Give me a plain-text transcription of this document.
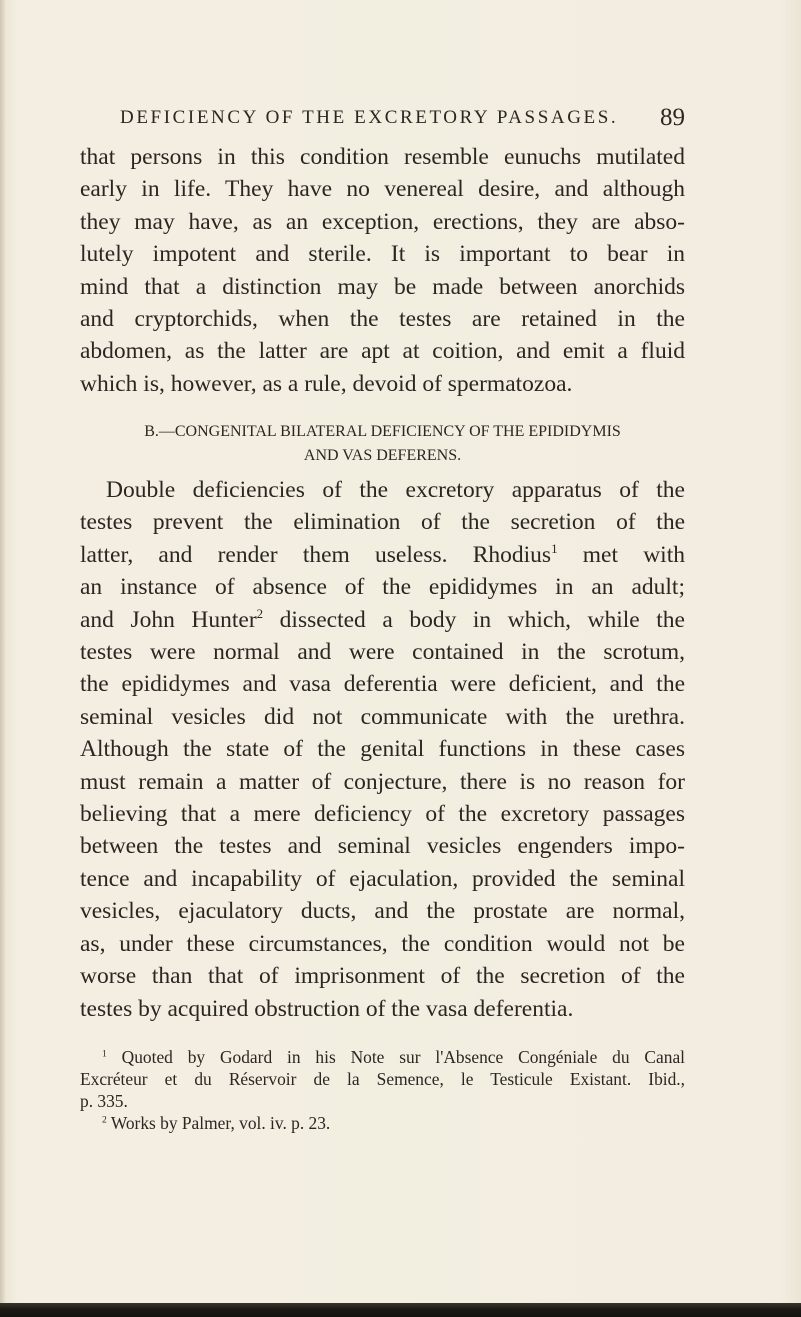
DEFICIENCY OF THE EXCRETORY PASSAGES. 89
that persons in this condition resemble eunuchs mutilated
early in life. They have no venereal desire, and although
they may have, as an exception, erections, they are abso-
lutely impotent and sterile. It is important to bear in
mind that a distinction may be made between anorchids
and cryptorchids, when the testes are retained in the
abdomen, as the latter are apt at coition, and emit a fluid
which is, however, as a rule, devoid of spermatozoa.
B.—CONGENITAL BILATERAL DEFICIENCY OF THE EPIDIDYMIS
AND VAS DEFERENS.
Double deficiencies of the excretory apparatus of the
testes prevent the elimination of the secretion of the
latter, and render them useless. Rhodius$^1$ met with
an instance of absence of the epididymes in an adult;
and John Hunter$^2$ dissected a body in which, while the
testes were normal and were contained in the scrotum,
the epididymes and vasa deferentia were deficient, and the
seminal vesicles did not communicate with the urethra.
Although the state of the genital functions in these cases
must remain a matter of conjecture, there is no reason for
believing that a mere deficiency of the excretory passages
between the testes and seminal vesicles engenders impo-
tence and incapability of ejaculation, provided the seminal
vesicles, ejaculatory ducts, and the prostate are normal,
as, under these circumstances, the condition would not be
worse than that of imprisonment of the secretion of the
testes by acquired obstruction of the vasa deferentia.
$^1$ Quoted by Godard in his Note sur l'Absence Congéniale du Canal
Excréteur et du Réservoir de la Semence, le Testicule Existant. Ibid.,
p. 335.
$^2$ Works by Palmer, vol. iv. p. 23.
